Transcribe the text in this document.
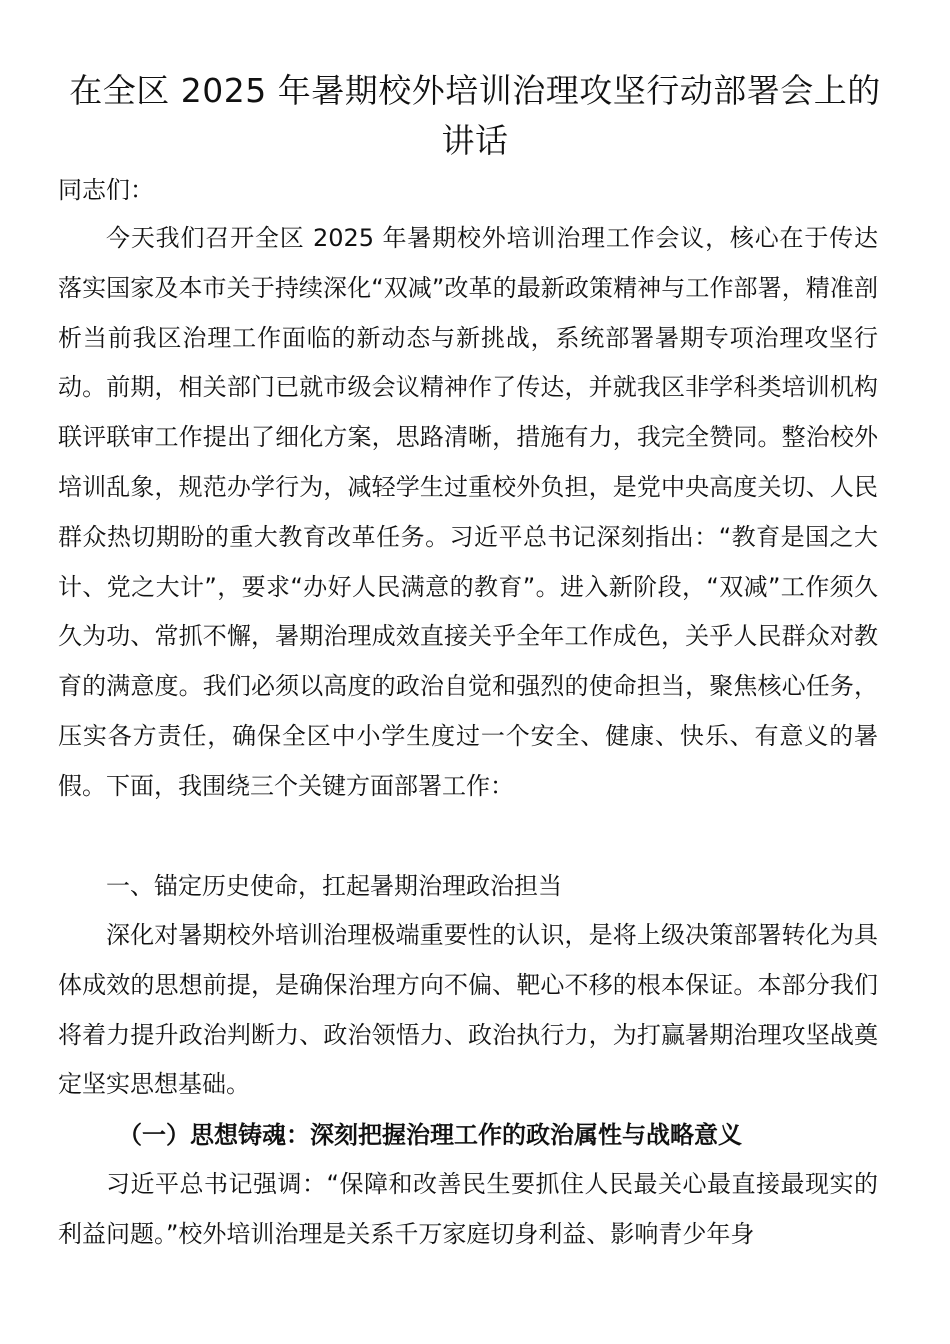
在全区 2025 年暑期校外培训治理攻坚行动部署会上的讲话

同志们：

今天我们召开全区 2025 年暑期校外培训治理工作会议，核心在于传达落实国家及本市关于持续深化“双减”改革的最新政策精神与工作部署，精准剖析当前我区治理工作面临的新动态与新挑战，系统部署暑期专项治理攻坚行动。前期，相关部门已就市级会议精神作了传达，并就我区非学科类培训机构联评联审工作提出了细化方案，思路清晰，措施有力，我完全赞同。整治校外培训乱象，规范办学行为，减轻学生过重校外负担，是党中央高度关切、人民群众热切期盼的重大教育改革任务。习近平总书记深刻指出：“教育是国之大计、党之大计”，要求“办好人民满意的教育”。进入新阶段，“双减”工作须久久为功、常抓不懈，暑期治理成效直接关乎全年工作成色，关乎人民群众对教育的满意度。我们必须以高度的政治自觉和强烈的使命担当，聚焦核心任务，压实各方责任，确保全区中小学生度过一个安全、健康、快乐、有意义的暑假。下面，我围绕三个关键方面部署工作：

一、锚定历史使命，扛起暑期治理政治担当

深化对暑期校外培训治理极端重要性的认识，是将上级决策部署转化为具体成效的思想前提，是确保治理方向不偏、靶心不移的根本保证。本部分我们将着力提升政治判断力、政治领悟力、政治执行力，为打赢暑期治理攻坚战奠定坚实思想基础。

（一）思想铸魂：深刻把握治理工作的政治属性与战略意义

习近平总书记强调：“保障和改善民生要抓住人民最关心最直接最现实的利益问题。”校外培训治理是关系千万家庭切身利益、影响青少年身
